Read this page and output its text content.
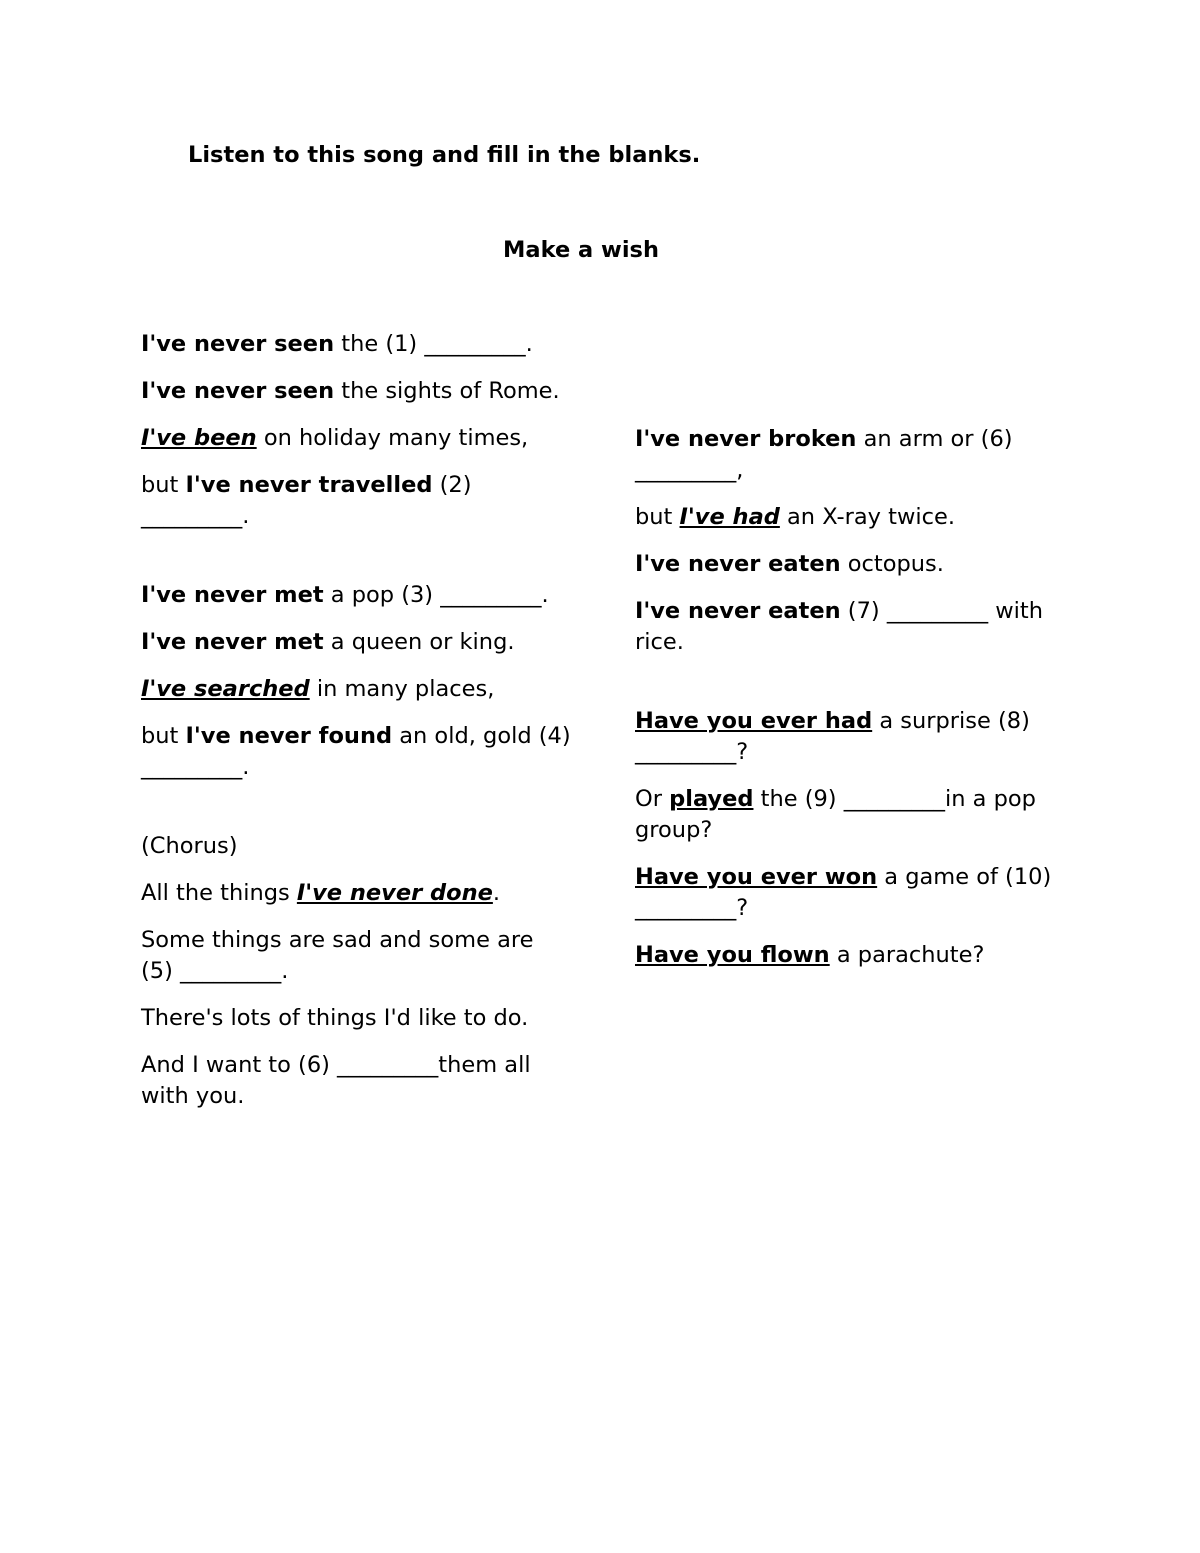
Listen to this song and fill in the blanks.

Make a wish

I've never seen the (1) _________.

I've never seen the sights of Rome.

I've been on holiday many times,

but I've never travelled (2) _________.

I've never met a pop (3) _________.

I've never met a queen or king.

I've searched in many places,

but I've never found an old, gold (4) _________.

(Chorus)

All the things I've never done.

Some things are sad and some are (5) _________.

There's lots of things I'd like to do.

And I want to (6) _________them all with you.

I've never broken an arm or (6) _________,

but I've had an X-ray twice.

I've never eaten octopus.

I've never eaten (7) _________ with rice.

Have you ever had a surprise (8) _________?

Or played the (9) _________in a pop group?

Have you ever won a game of (10) _________?

Have you flown a parachute?
